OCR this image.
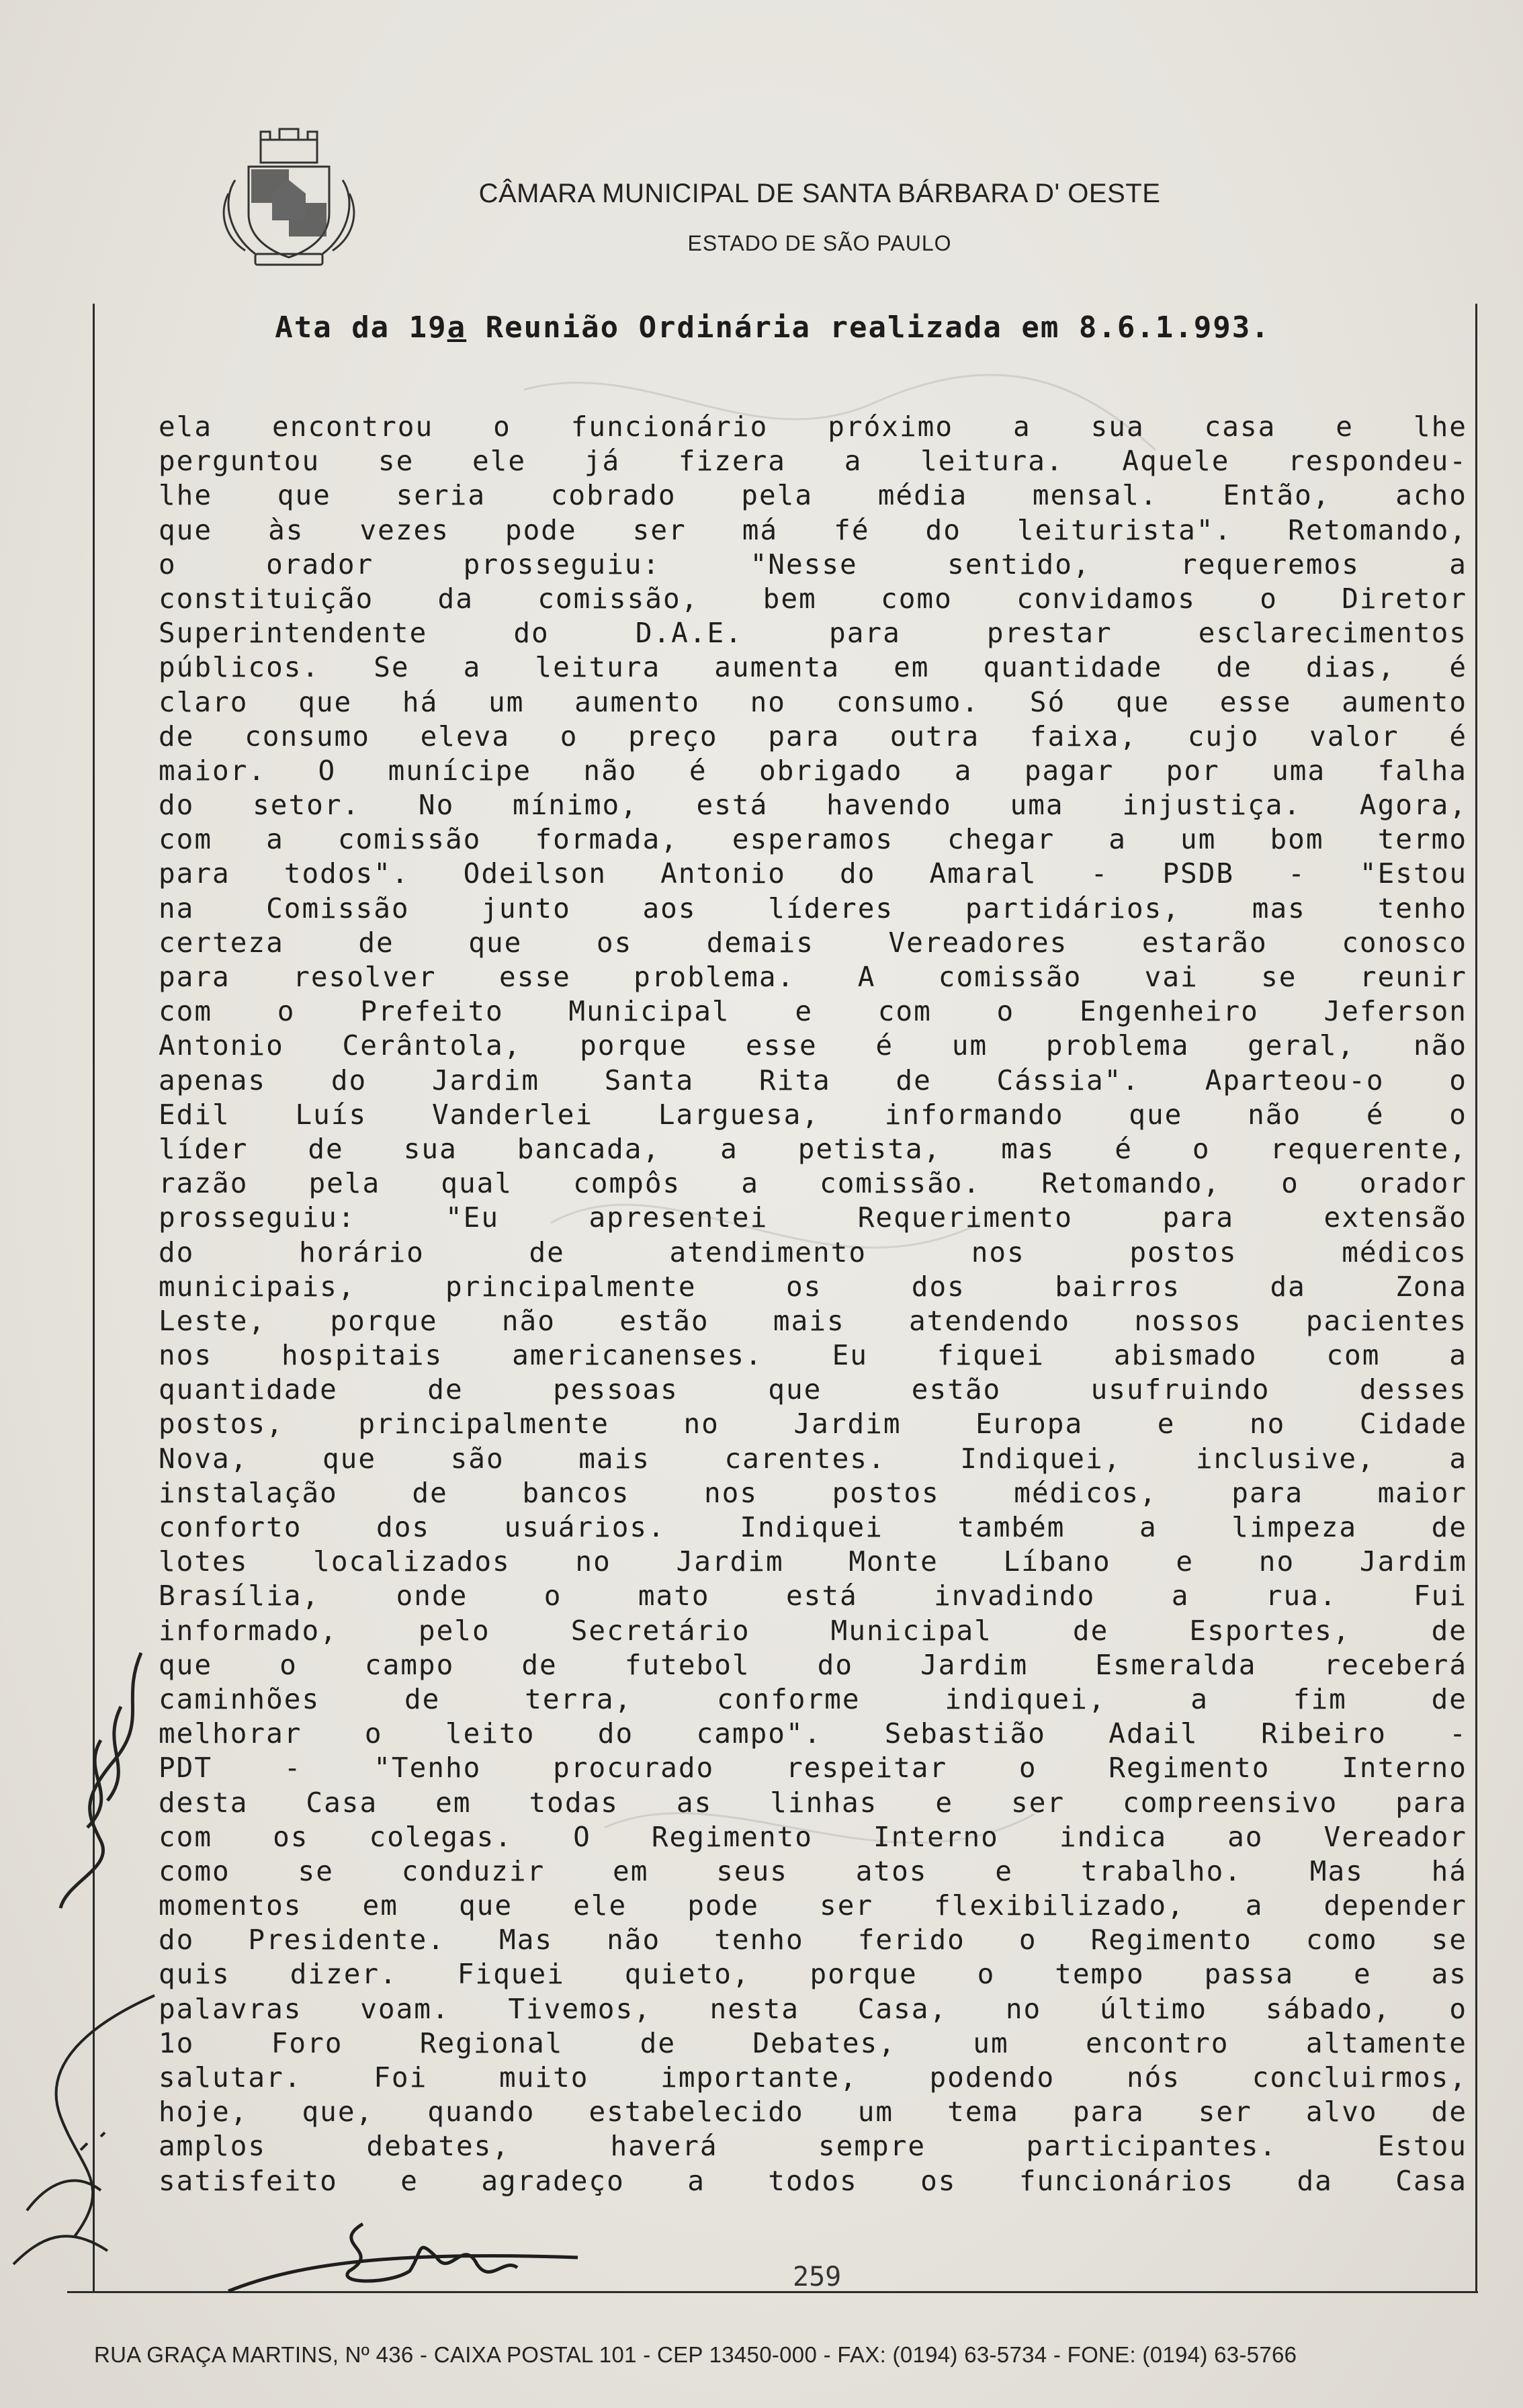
CÂMARA MUNICIPAL DE SANTA BÁRBARA D' OESTE
ESTADO DE SÃO PAULO
Ata da 19a Reunião Ordinária realizada em 8.6.1.993.
ela encontrou o funcionário próximo a sua casa e lhe
perguntou se ele já fizera a leitura. Aquele respondeu-
lhe que seria cobrado pela média mensal. Então, acho
que às vezes pode ser má fé do leiturista". Retomando,
o orador prosseguiu: "Nesse sentido, requeremos a
constituição da comissão, bem como convidamos o Diretor
Superintendente do D.A.E. para prestar esclarecimentos
públicos. Se a leitura aumenta em quantidade de dias, é
claro que há um aumento no consumo. Só que esse aumento
de consumo eleva o preço para outra faixa, cujo valor é
maior. O munícipe não é obrigado a pagar por uma falha
do setor. No mínimo, está havendo uma injustiça. Agora,
com a comissão formada, esperamos chegar a um bom termo
para todos". Odeilson Antonio do Amaral - PSDB - "Estou
na Comissão junto aos líderes partidários, mas tenho
certeza de que os demais Vereadores estarão conosco
para resolver esse problema. A comissão vai se reunir
com o Prefeito Municipal e com o Engenheiro Jeferson
Antonio Cerântola, porque esse é um problema geral, não
apenas do Jardim Santa Rita de Cássia". Aparteou-o o
Edil Luís Vanderlei Larguesa, informando que não é o
líder de sua bancada, a petista, mas é o requerente,
razão pela qual compôs a comissão. Retomando, o orador
prosseguiu: "Eu apresentei Requerimento para extensão
do horário de atendimento nos postos médicos
municipais, principalmente os dos bairros da Zona
Leste, porque não estão mais atendendo nossos pacientes
nos hospitais americanenses. Eu fiquei abismado com a
quantidade de pessoas que estão usufruindo desses
postos, principalmente no Jardim Europa e no Cidade
Nova, que são mais carentes. Indiquei, inclusive, a
instalação de bancos nos postos médicos, para maior
conforto dos usuários. Indiquei também a limpeza de
lotes localizados no Jardim Monte Líbano e no Jardim
Brasília, onde o mato está invadindo a rua. Fui
informado, pelo Secretário Municipal de Esportes, de
que o campo de futebol do Jardim Esmeralda receberá
caminhões de terra, conforme indiquei, a fim de
melhorar o leito do campo". Sebastião Adail Ribeiro -
PDT - "Tenho procurado respeitar o Regimento Interno
desta Casa em todas as linhas e ser compreensivo para
com os colegas. O Regimento Interno indica ao Vereador
como se conduzir em seus atos e trabalho. Mas há
momentos em que ele pode ser flexibilizado, a depender
do Presidente. Mas não tenho ferido o Regimento como se
quis dizer. Fiquei quieto, porque o tempo passa e as
palavras voam. Tivemos, nesta Casa, no último sábado, o
1o Foro Regional de Debates, um encontro altamente
salutar. Foi muito importante, podendo nós concluirmos,
hoje, que, quando estabelecido um tema para ser alvo de
amplos debates, haverá sempre participantes. Estou
satisfeito e agradeço a todos os funcionários da Casa
259
RUA GRAÇA MARTINS, Nº 436 - CAIXA POSTAL 101 - CEP 13450-000 - FAX: (0194) 63-5734 - FONE: (0194) 63-5766
